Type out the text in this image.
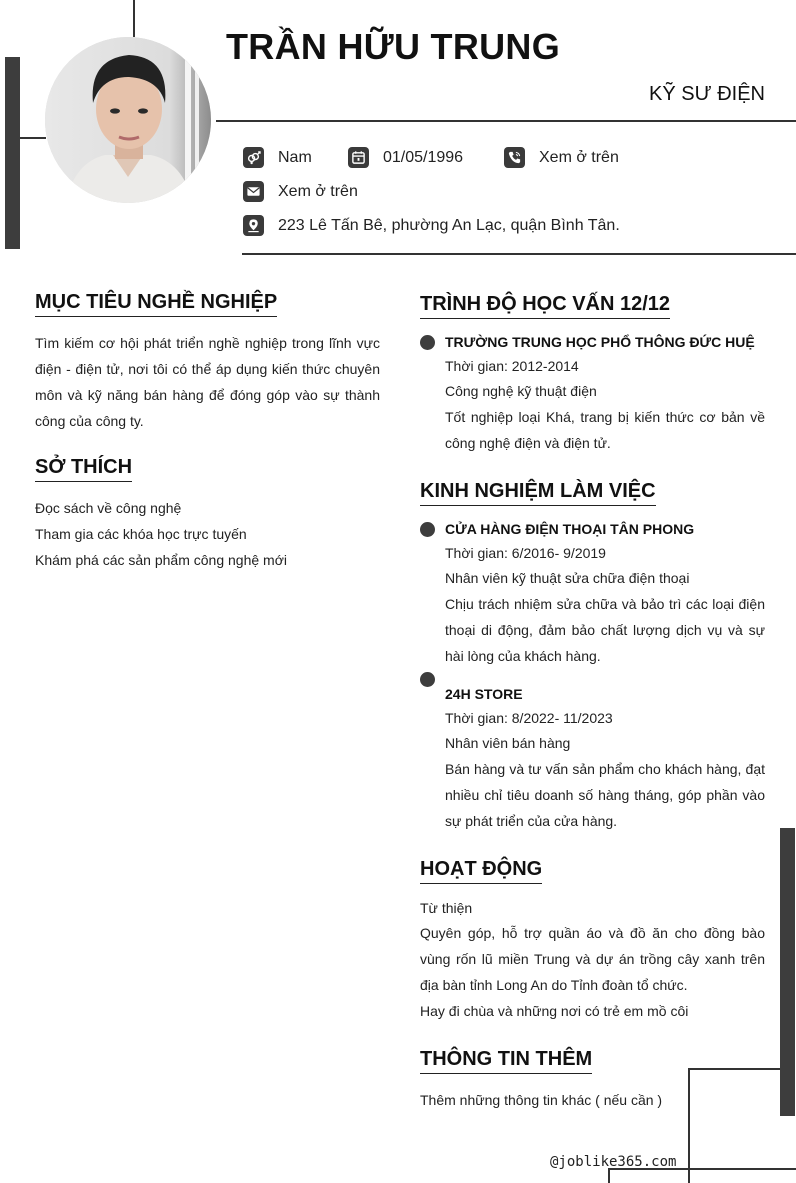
TRẦN HỮU TRUNG
KỸ SƯ ĐIỆN
Nam	01/05/1996	Xem ở trên
Xem ở trên
223 Lê Tấn Bê, phường An Lạc, quận Bình Tân.
MỤC TIÊU NGHỀ NGHIỆP
Tìm kiếm cơ hội phát triển nghề nghiệp trong lĩnh vực điện - điện tử, nơi tôi có thể áp dụng kiến thức chuyên môn và kỹ năng bán hàng để đóng góp vào sự thành công của công ty.
SỞ THÍCH
Đọc sách về công nghệ
Tham gia các khóa học trực tuyến
Khám phá các sản phẩm công nghệ mới
TRÌNH ĐỘ HỌC VẤN 12/12
TRƯỜNG TRUNG HỌC PHỔ THÔNG ĐỨC HUỆ
Thời gian: 2012-2014
Công nghệ kỹ thuật điện
Tốt nghiệp loại Khá, trang bị kiến thức cơ bản về công nghệ điện và điện tử.
KINH NGHIỆM LÀM VIỆC
CỬA HÀNG ĐIỆN THOẠI TÂN PHONG
Thời gian: 6/2016- 9/2019
Nhân viên kỹ thuật sửa chữa điện thoại
Chịu trách nhiệm sửa chữa và bảo trì các loại điện thoại di động, đảm bảo chất lượng dịch vụ và sự hài lòng của khách hàng.
24H STORE
Thời gian: 8/2022- 11/2023
Nhân viên bán hàng
Bán hàng và tư vấn sản phẩm cho khách hàng, đạt nhiều chỉ tiêu doanh số hàng tháng, góp phần vào sự phát triển của cửa hàng.
HOẠT ĐỘNG
Từ thiện
Quyên góp, hỗ trợ quần áo và đồ ăn cho đồng bào vùng rốn lũ miền Trung và dự án trồng cây xanh trên địa bàn tỉnh Long An do Tỉnh đoàn tổ chức.
Hay đi chùa và những nơi có trẻ em mồ côi
THÔNG TIN THÊM
Thêm những thông tin khác ( nếu cần )
@joblike365.com
